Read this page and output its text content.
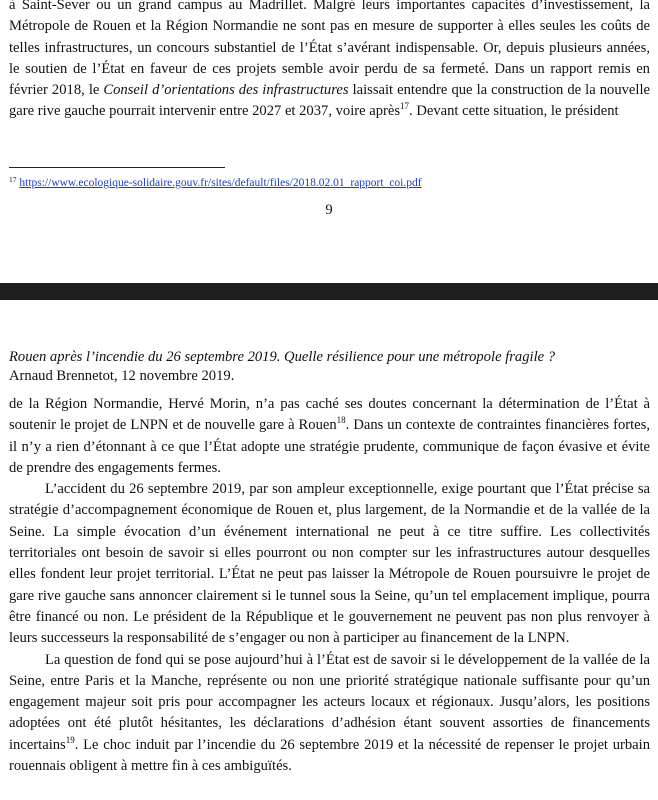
à Saint-Sever ou un grand campus au Madrillet. Malgré leurs importantes capacités d’investissement, la Métropole de Rouen et la Région Normandie ne sont pas en mesure de supporter à elles seules les coûts de telles infrastructures, un concours substantiel de l’État s’avérant indispensable. Or, depuis plusieurs années, le soutien de l’État en faveur de ces projets semble avoir perdu de sa fermeté. Dans un rapport remis en février 2018, le Conseil d’orientations des infrastructures laissait entendre que la construction de la nouvelle gare rive gauche pourrait intervenir entre 2027 et 2037, voire après$^{17}$. Devant cette situation, le président

$^{17}$ https://www.ecologique-solidaire.gouv.fr/sites/default/files/2018.02.01_rapport_coi.pdf
9
Rouen après l’incendie du 26 septembre 2019. Quelle résilience pour une métropole fragile ?
Arnaud Brennetot, 12 novembre 2019.

de la Région Normandie, Hervé Morin, n’a pas caché ses doutes concernant la détermination de l’État à soutenir le projet de LNPN et de nouvelle gare à Rouen$^{18}$. Dans un contexte de contraintes financières fortes, il n’y a rien d’étonnant à ce que l’État adopte une stratégie prudente, communique de façon évasive et évite de prendre des engagements fermes.

L’accident du 26 septembre 2019, par son ampleur exceptionnelle, exige pourtant que l’État précise sa stratégie d’accompagnement économique de Rouen et, plus largement, de la Normandie et de la vallée de la Seine. La simple évocation d’un événement international ne peut à ce titre suffire. Les collectivités territoriales ont besoin de savoir si elles pourront ou non compter sur les infrastructures autour desquelles elles fondent leur projet territorial. L’État ne peut pas laisser la Métropole de Rouen poursuivre le projet de gare rive gauche sans annoncer clairement si le tunnel sous la Seine, qu’un tel emplacement implique, pourra être financé ou non. Le président de la République et le gouvernement ne peuvent pas non plus renvoyer à leurs successeurs la responsabilité de s’engager ou non à participer au financement de la LNPN.

La question de fond qui se pose aujourd’hui à l’État est de savoir si le développement de la vallée de la Seine, entre Paris et la Manche, représente ou non une priorité stratégique nationale suffisante pour qu’un engagement majeur soit pris pour accompagner les acteurs locaux et régionaux. Jusqu’alors, les positions adoptées ont été plutôt hésitantes, les déclarations d’adhésion étant souvent assorties de financements incertains$^{19}$. Le choc induit par l’incendie du 26 septembre 2019 et la nécessité de repenser le projet urbain rouennais obligent à mettre fin à ces ambiguïtés.
